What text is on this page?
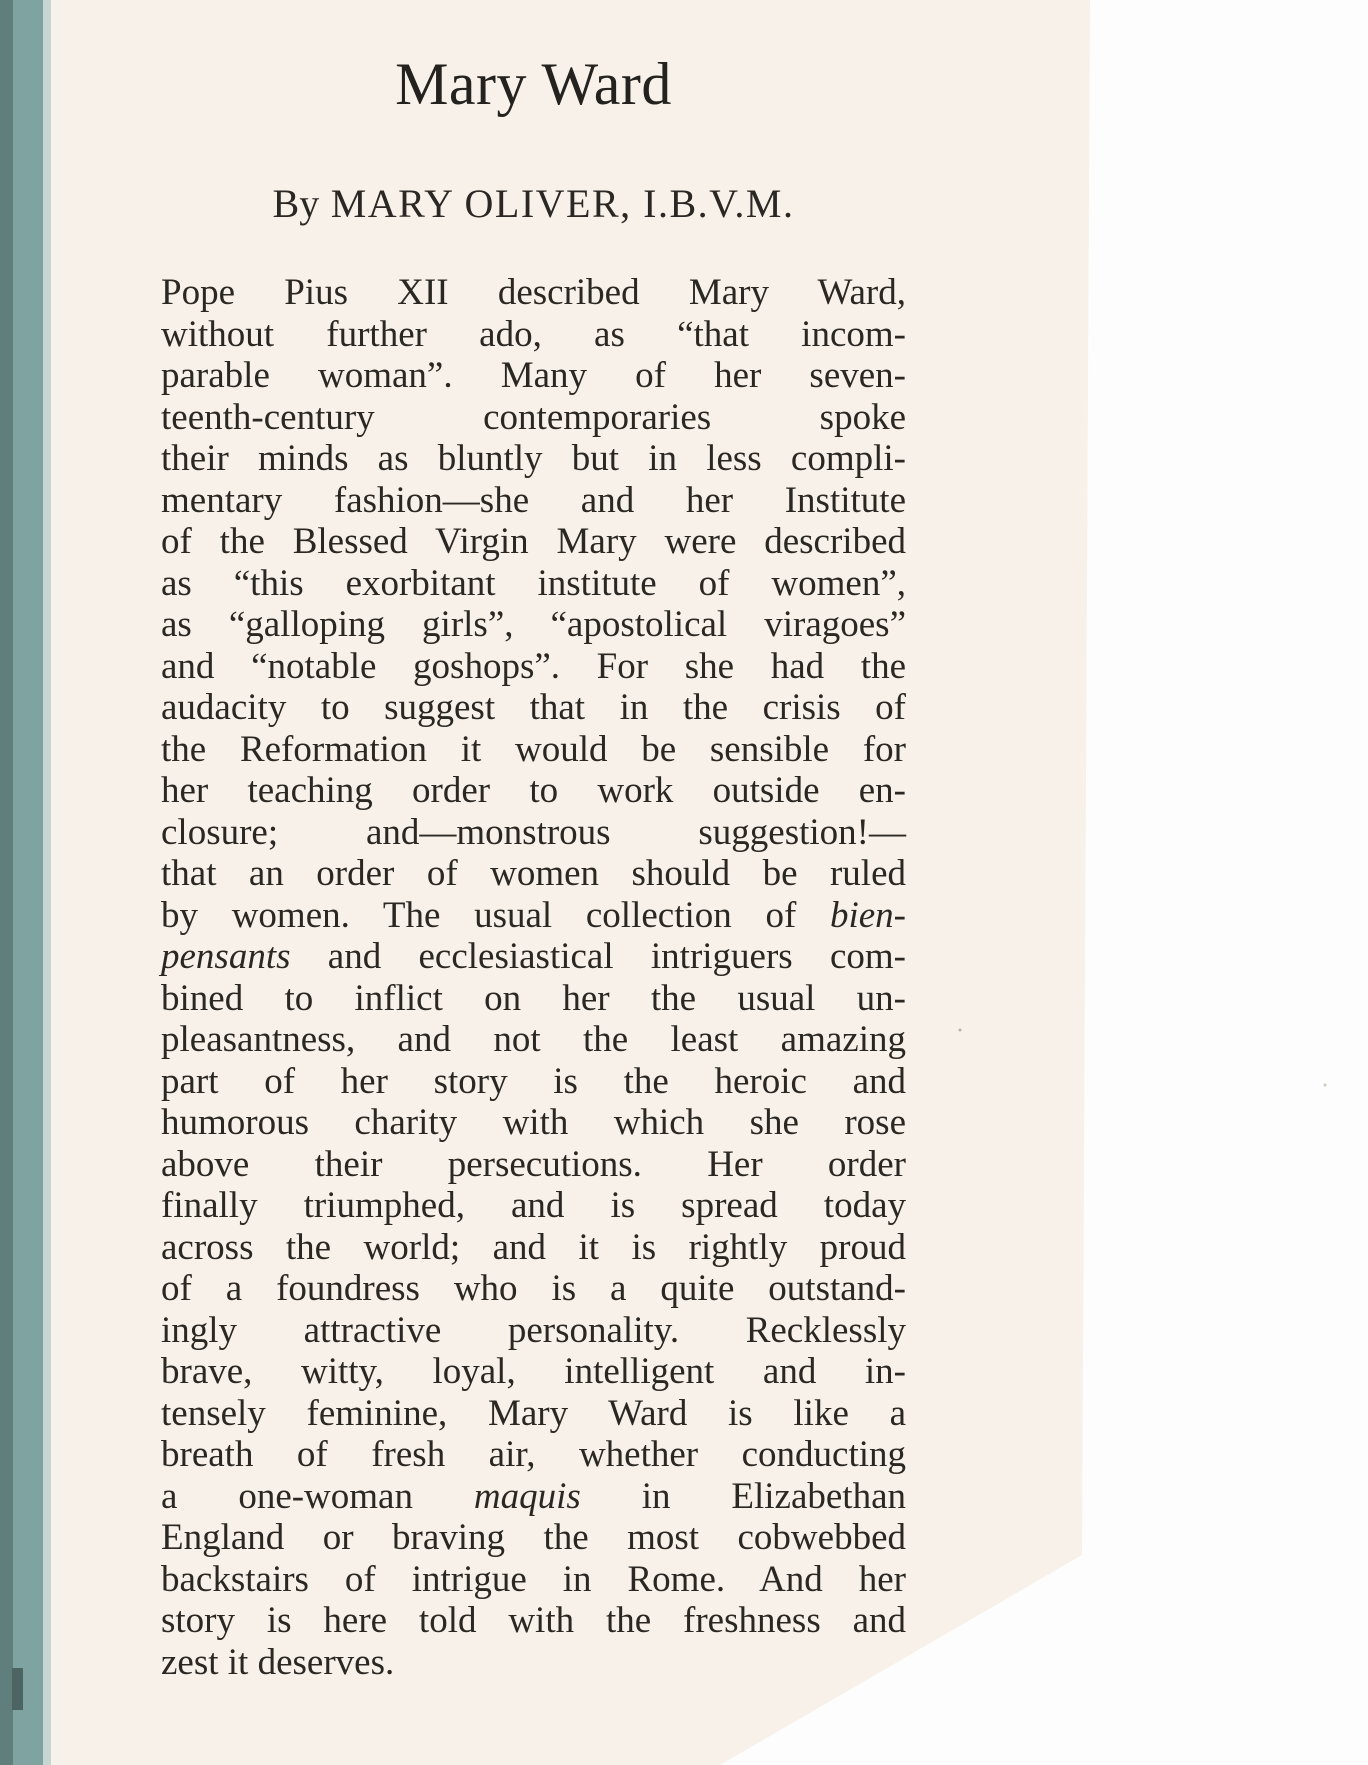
Mary Ward
By MARY OLIVER, I.B.V.M.
Pope Pius XII described Mary Ward,
without further ado, as “that incom-
parable woman”. Many of her seven-
teenth-century contemporaries spoke
their minds as bluntly but in less compli-
mentary fashion—she and her Institute
of the Blessed Virgin Mary were described
as “this exorbitant institute of women”,
as “galloping girls”, “apostolical viragoes”
and “notable goshops”. For she had the
audacity to suggest that in the crisis of
the Reformation it would be sensible for
her teaching order to work outside en-
closure; and—monstrous suggestion!—
that an order of women should be ruled
by women. The usual collection of bien-
pensants and ecclesiastical intriguers com-
bined to inflict on her the usual un-
pleasantness, and not the least amazing
part of her story is the heroic and
humorous charity with which she rose
above their persecutions. Her order
finally triumphed, and is spread today
across the world; and it is rightly proud
of a foundress who is a quite outstand-
ingly attractive personality. Recklessly
brave, witty, loyal, intelligent and in-
tensely feminine, Mary Ward is like a
breath of fresh air, whether conducting
a one-woman maquis in Elizabethan
England or braving the most cobwebbed
backstairs of intrigue in Rome. And her
story is here told with the freshness and
zest it deserves.
